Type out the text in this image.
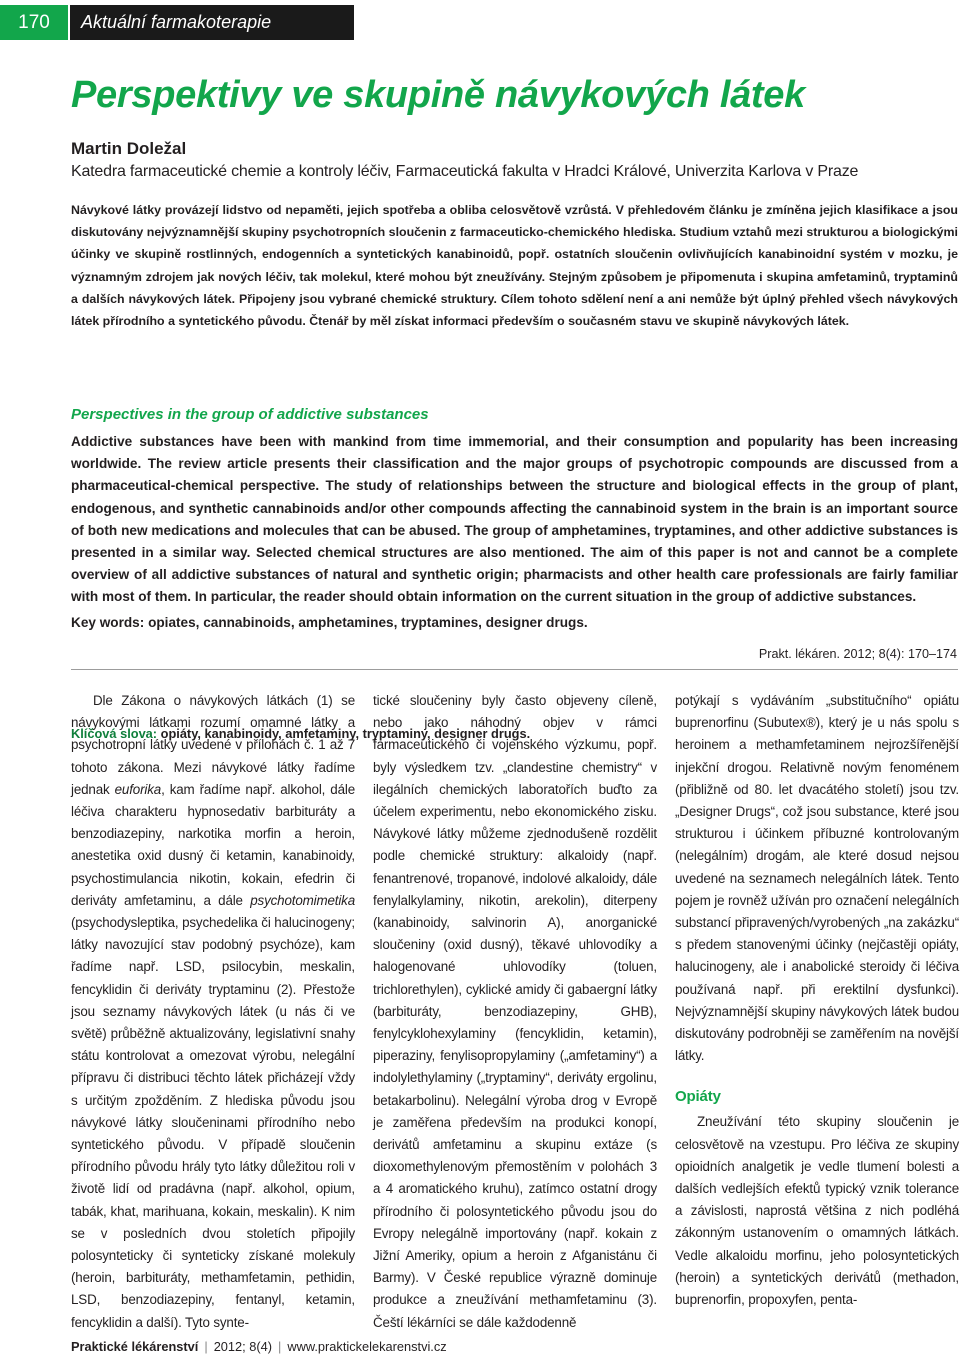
170	Aktuální farmakoterapie
Perspektivy ve skupině návykových látek
Martin Doležal
Katedra farmaceutické chemie a kontroly léčiv, Farmaceutická fakulta v Hradci Králové, Univerzita Karlova v Praze
Návykové látky provázejí lidstvo od nepaměti, jejich spotřeba a obliba celosvětově vzrůstá. V přehledovém článku je zmíněna jejich klasifikace a jsou diskutovány nejvýznamnější skupiny psychotropních sloučenin z farmaceuticko-chemického hlediska. Studium vztahů mezi strukturou a biologickými účinky ve skupině rostlinných, endogenních a syntetických kanabinoidů, popř. ostatních sloučenin ovlivňujících kanabinoidní systém v mozku, je významným zdrojem jak nových léčiv, tak molekul, které mohou být zneužívány. Stejným způsobem je připomenuta i skupina amfetaminů, tryptaminů a dalších návykových látek. Připojeny jsou vybrané chemické struktury. Cílem tohoto sdělení není a ani nemůže být úplný přehled všech návykových látek přírodního a syntetického původu. Čtenář by měl získat informaci především o současném stavu ve skupině návykových látek.
Klíčová slova: opiáty, kanabinoidy, amfetaminy, tryptaminy, designer drugs.
Perspectives in the group of addictive substances
Addictive substances have been with mankind from time immemorial, and their consumption and popularity has been increasing worldwide. The review article presents their classification and the major groups of psychotropic compounds are discussed from a pharmaceutical-chemical perspective. The study of relationships between the structure and biological effects in the group of plant, endogenous, and synthetic cannabinoids and/or other compounds affecting the cannabinoid system in the brain is an important source of both new medications and molecules that can be abused. The group of amphetamines, tryptamines, and other addictive substances is presented in a similar way. Selected chemical structures are also mentioned. The aim of this paper is not and cannot be a complete overview of all addictive substances of natural and synthetic origin; pharmacists and other health care professionals are fairly familiar with most of them. In particular, the reader should obtain information on the current situation in the group of addictive substances.
Key words: opiates, cannabinoids, amphetamines, tryptamines, designer drugs.
Prakt. lékáren. 2012; 8(4): 170–174

Dle Zákona o návykových látkách (1) se návykovými látkami rozumí omamné látky a psychotropní látky uvedené v přílohách č. 1 až 7 tohoto zákona. Mezi návykové látky řadíme jednak euforika, kam řadíme např. alkohol, dále léčiva charakteru hypnosedativ barbituráty a benzodiazepiny, narkotika morfin a heroin, anestetika oxid dusný či ketamin, kanabinoidy, psychostimulancia nikotin, kokain, efedrin či deriváty amfetaminu, a dále psychotomimetika (psychodysleptika, psychedelika či halucinogeny; látky navozující stav podobný psychóze), kam řadíme např. LSD, psilocybin, meskalin, fencyklidin či deriváty tryptaminu (2). Přestože jsou seznamy návykových látek (u nás či ve světě) průběžně aktualizovány, legislativní snahy státu kontrolovat a omezovat výrobu, nelegální přípravu či distribuci těchto látek přicházejí vždy s určitým zpožděním. Z hlediska původu jsou návykové látky sloučeninami přírodního nebo syntetického původu. V případě sloučenin přírodního původu hrály tyto látky důležitou roli v životě lidí od pradávna (např. alkohol, opium, tabák, khat, marihuana, kokain, meskalin). K nim se v posledních dvou stoletích připojily polosynteticky či synteticky získané molekuly (heroin, barbituráty, methamfetamin, pethidin, LSD, benzodiazepiny, fentanyl, ketamin, fencyklidin a další). Tyto synte-

tické sloučeniny byly často objeveny cíleně, nebo jako náhodný objev v rámci farmaceutického či vojenského výzkumu, popř. byly výsledkem tzv. „clandestine chemistry“ v ilegálních chemických laboratořích buďto za účelem experimentu, nebo ekonomického zisku. Návykové látky můžeme zjednodušeně rozdělit podle chemické struktury: alkaloidy (např. fenantrenové, tropanové, indolové alkaloidy, dále fenylalkylaminy, nikotin, arekolin), diterpeny (kanabinoidy, salvinorin A), anorganické sloučeniny (oxid dusný), těkavé uhlovodíky a halogenované uhlovodíky (toluen, trichlorethylen), cyklické amidy či gabaergní látky (barbituráty, benzodiazepiny, GHB), fenylcyklohexylaminy (fencyklidin, ketamin), piperaziny, fenylisopropylaminy („amfetaminy“) a indolylethylaminy („tryptaminy“, deriváty ergolinu, betakarbolinu). Nelegální výroba drog v Evropě je zaměřena především na produkci konopí, derivátů amfetaminu a skupinu extáze (s dioxomethylenovým přemostěním v polohách 3 a 4 aromatického kruhu), zatímco ostatní drogy přírodního či polosyntetického původu jsou do Evropy nelegálně importovány (např. kokain z Jižní Ameriky, opium a heroin z Afganistánu či Barmy). V České republice výrazně dominuje produkce a zneužívání methamfetaminu (3). Čeští lékárníci se dále každodenně

potýkají s vydáváním „substitučního“ opiátu buprenorfinu (Subutex®), který je u nás spolu s heroinem a methamfetaminem nejrozšířenější injekční drogou. Relativně novým fenoménem (přibližně od 80. let dvacátého století) jsou tzv. „Designer Drugs“, což jsou substance, které jsou strukturou i účinkem příbuzné kontrolovaným (nelegálním) drogám, ale které dosud nejsou uvedené na seznamech nelegálních látek. Tento pojem je rovněž užíván pro označení nelegálních substancí připravených/vyrobených „na zakázku“ s předem stanovenými účinky (nejčastěji opiáty, halucinogeny, ale i anabolické steroidy či léčiva používaná např. při erektilní dysfunkci). Nejvýznamnější skupiny návykových látek budou diskutovány podrobněji se zaměřením na novější látky.

Opiáty

Zneužívání této skupiny sloučenin je celosvětově na vzestupu. Pro léčiva ze skupiny opioidních analgetik je vedle tlumení bolesti a dalších vedlejších efektů typický vznik tolerance a závislosti, naprostá většina z nich podléhá zákonným ustanovením o omamných látkách. Vedle alkaloidu morfinu, jeho polosyntetických (heroin) a syntetických derivátů (methadon, buprenorfin, propoxyfen, penta-

Praktické lékárenství | 2012; 8(4) | www.praktickelekarenstvi.cz
